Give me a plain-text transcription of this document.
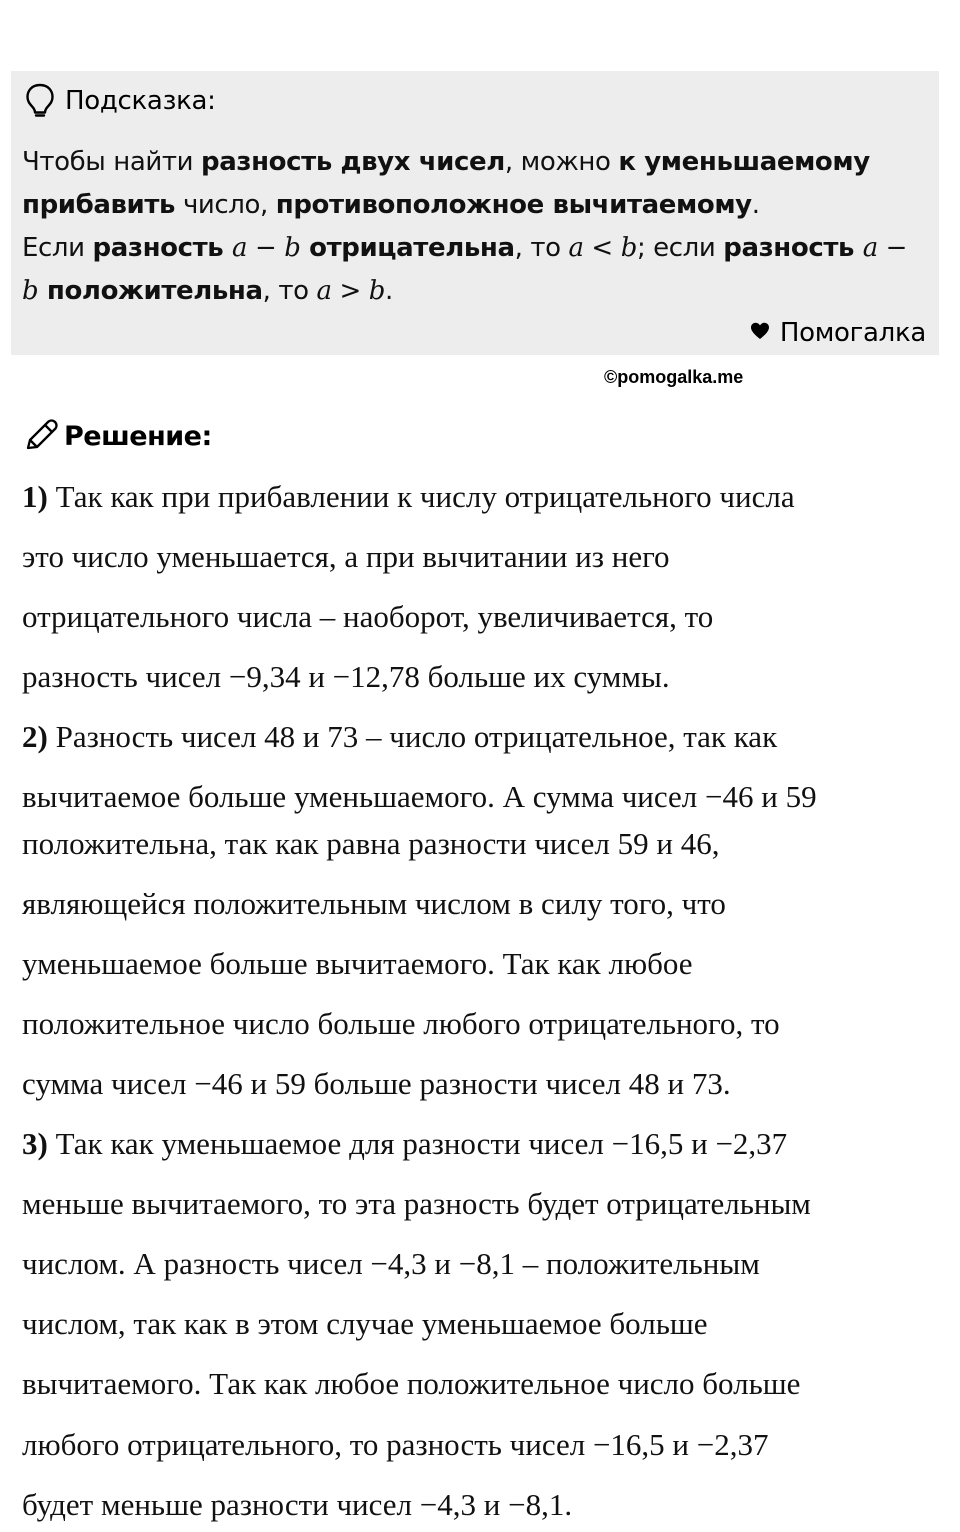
Подсказка:
Чтобы найти разность двух чисел, можно к уменьшаемому
прибавить число, противоположное вычитаемому.
Если разность a − b отрицательна, то a < b; если разность a −
b положительна, то a > b.
Помогалка
©pomogalka.me
Решение:
1) Так как при прибавлении к числу отрицательного числа
это число уменьшается, а при вычитании из него
отрицательного числа – наоборот, увеличивается, то
разность чисел −9,34 и −12,78 больше их суммы.
2) Разность чисел 48 и 73 – число отрицательное, так как
вычитаемое больше уменьшаемого. А сумма чисел −46 и 59
положительна, так как равна разности чисел 59 и 46,
являющейся положительным числом в силу того, что
уменьшаемое больше вычитаемого. Так как любое
положительное число больше любого отрицательного, то
сумма чисел −46 и 59 больше разности чисел 48 и 73.
3) Так как уменьшаемое для разности чисел −16,5 и −2,37
меньше вычитаемого, то эта разность будет отрицательным
числом. А разность чисел −4,3 и −8,1 – положительным
числом, так как в этом случае уменьшаемое больше
вычитаемого. Так как любое положительное число больше
любого отрицательного, то разность чисел −16,5 и −2,37
будет меньше разности чисел −4,3 и −8,1.
